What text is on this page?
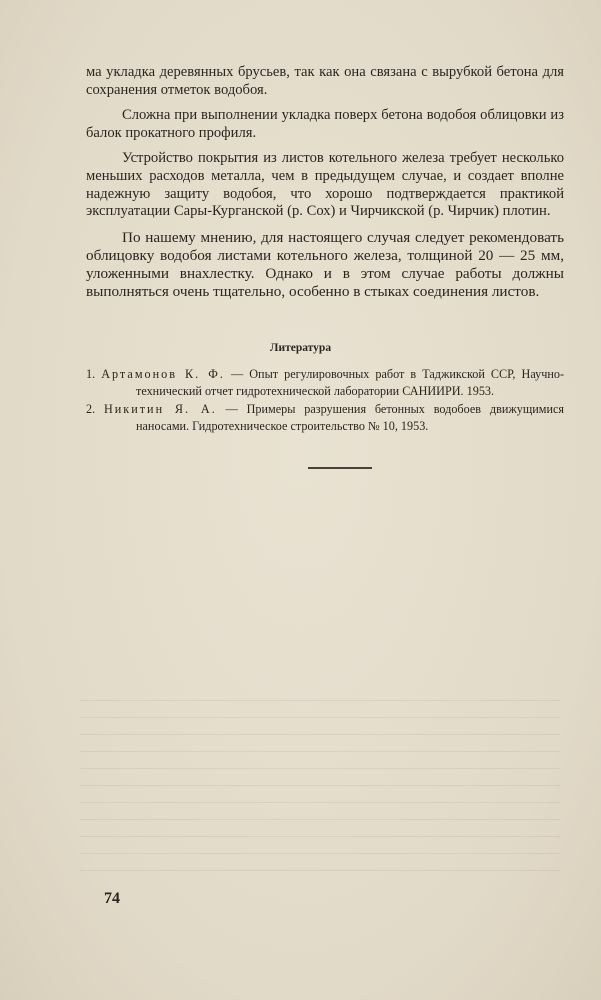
ма укладка деревянных брусьев, так как она связана с вырубкой бетона для сохранения отметок водобоя.

Сложна при выполнении укладка поверх бетона водобоя облицовки из балок прокатного профиля.

Устройство покрытия из листов котельного железа требует несколько меньших расходов металла, чем в предыдущем случае, и создает вполне надежную защиту водобоя, что хорошо подтверждается практикой эксплуатации Сары-Курганской (р. Сох) и Чирчикской (р. Чирчик) плотин.

По нашему мнению, для настоящего случая следует рекомендовать облицовку водобоя листами котельного железа, толщиной 20 — 25 мм, уложенными внахлестку. Однако и в этом случае работы должны выполняться очень тщательно, особенно в стыках соединения листов.

Литература
1. Артамонов К. Ф. — Опыт регулировочных работ в Таджикской ССР, Научно-технический отчет гидротехнической лаборатории САНИИРИ. 1953.
2. Никитин Я. А. — Примеры разрушения бетонных водобоев движущимися наносами. Гидротехническое строительство № 10, 1953.
74
